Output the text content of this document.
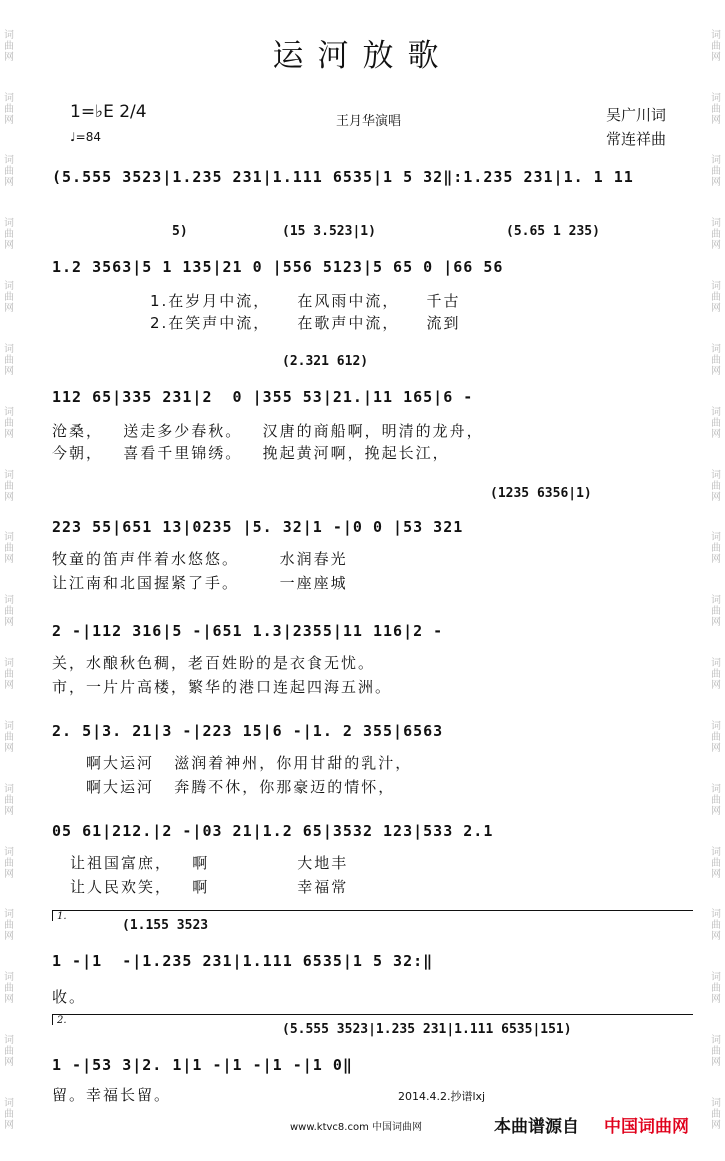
词
曲
网
词
曲
网
词
曲
网
词
曲
网
词
曲
网
词
曲
网
词
曲
网
词
曲
网
词
曲
网
词
曲
网
词
曲
网
词
曲
网
词
曲
网
词
曲
网
词
曲
网
词
曲
网
词
曲
网
词
曲
网
词
曲
网
词
曲
网
词
曲
网
词
曲
网
词
曲
网
词
曲
网
词
曲
网
词
曲
网
词
曲
网
词
曲
网
词
曲
网
词
曲
网
词
曲
网
词
曲
网
词
曲
网
词
曲
网
词
曲
网
词
曲
网
运河放歌
1=♭E 2/4
♩=84
王月华演唱	吴广川词
常连祥曲
(5.555 3523|1.235 231|1.111 6535|1 5 32‖:1.235 231|1. 1 11
5)	(15 3.523|1)	(5.65 1 235)
1.2 3563|5 1 135|21 0 |556 5123|5 65 0 |66 56
1.在岁月中流，    在风雨中流，    千古
2.在笑声中流，    在歌声中流，    流到
(2.321 612)
112 65|335 231|2  0 |355 53|21.|11 165|6 -
沧桑，   送走多少春秋。   汉唐的商船啊，明清的龙舟，
今朝，   喜看千里锦绣。   挽起黄河啊，挽起长江，
(1235 6356|1)
223 55|651 13|0235 |5. 32|1 -|0 0 |53 321
牧童的笛声伴着水悠悠。      水润春光
让江南和北国握紧了手。      一座座城
2 -|112 316|5 -|651 1.3|2355|11 116|2 -
关，水酿秋色稠，老百姓盼的是衣食无忧。
市，一片片高楼，繁华的港口连起四海五洲。
2. 5|3. 21|3 -|223 15|6 -|1. 2 355|6563
啊大运河   滋润着神州，你用甘甜的乳汁，
啊大运河   奔腾不休，你那豪迈的情怀，
05 61|212.|2 -|03 21|1.2 65|3532 123|533 2.1
让祖国富庶，   啊             大地丰
让人民欢笑，   啊             幸福常
1.
(1.155 3523
1 -|1  -|1.235 231|1.111 6535|1 5 32:‖
收。
2.
(5.555 3523|1.235 231|1.111 6535|151)
1 -|53 3|2. 1|1 -|1 -|1 -|1 0‖
留。幸福长留。	2014.4.2.抄谱lxj
www.ktvc8.com 中国词曲网	本曲谱源自 中国词曲网
